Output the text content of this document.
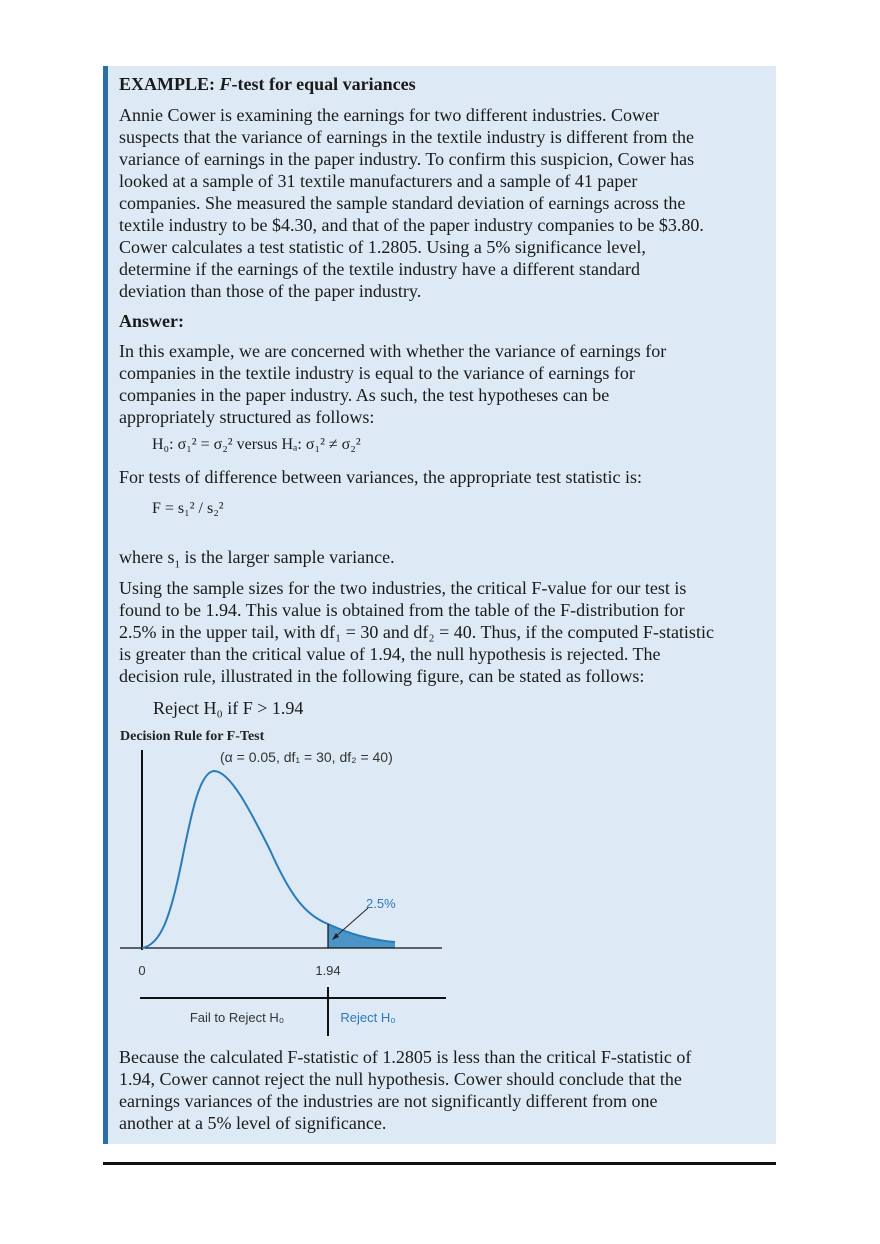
EXAMPLE: F-test for equal variances
Annie Cower is examining the earnings for two different industries. Cower
suspects that the variance of earnings in the textile industry is different from the
variance of earnings in the paper industry. To confirm this suspicion, Cower has
looked at a sample of 31 textile manufacturers and a sample of 41 paper
companies. She measured the sample standard deviation of earnings across the
textile industry to be $4.30, and that of the paper industry companies to be $3.80.
Cower calculates a test statistic of 1.2805. Using a 5% significance level,
determine if the earnings of the textile industry have a different standard
deviation than those of the paper industry.
Answer:
In this example, we are concerned with whether the variance of earnings for
companies in the textile industry is equal to the variance of earnings for
companies in the paper industry. As such, the test hypotheses can be
appropriately structured as follows:
H₀: σ₁² = σ₂² versus Hₐ: σ₁² ≠ σ₂²
For tests of difference between variances, the appropriate test statistic is:
F = s₁² / s₂²
where $s_1$ is the larger sample variance.
Using the sample sizes for the two industries, the critical F-value for our test is
found to be 1.94. This value is obtained from the table of the F-distribution for
2.5% in the upper tail, with df₁ = 30 and df₂ = 40. Thus, if the computed F-statistic
is greater than the critical value of 1.94, the null hypothesis is rejected. The
decision rule, illustrated in the following figure, can be stated as follows:
Reject H₀ if F > 1.94
Decision Rule for F-Test
(α = 0.05, df₁ = 30, df₂ = 40)
2.5%
0	1.94
Fail to Reject H₀	Reject H₀
Because the calculated F-statistic of 1.2805 is less than the critical F-statistic of
1.94, Cower cannot reject the null hypothesis. Cower should conclude that the
earnings variances of the industries are not significantly different from one
another at a 5% level of significance.
